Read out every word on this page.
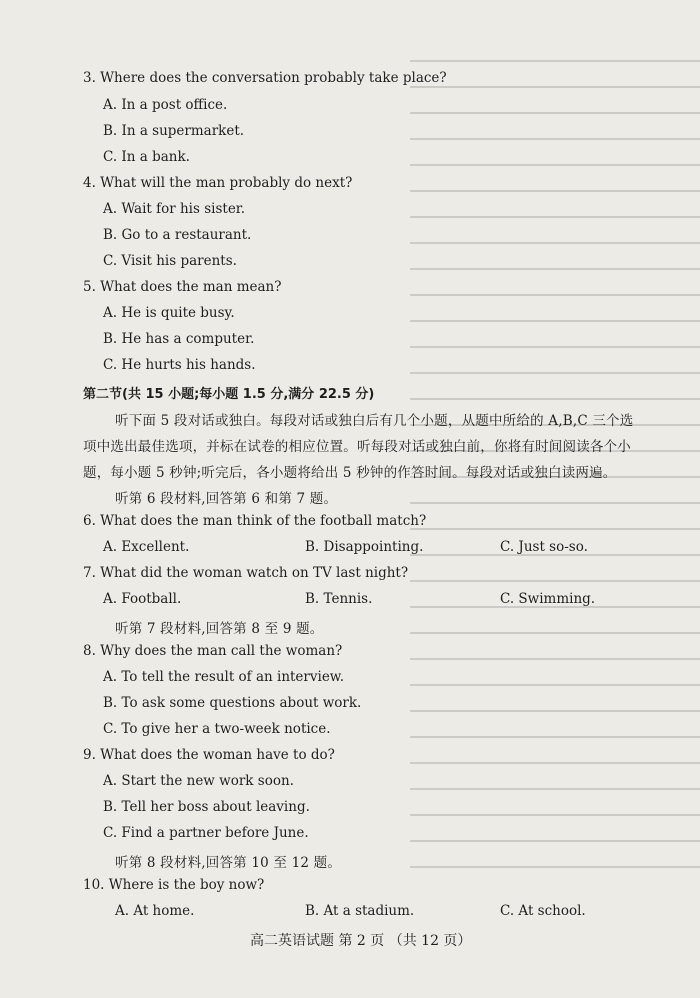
3. Where does the conversation probably take place?
A. In a post office.
B. In a supermarket.
C. In a bank.
4. What will the man probably do next?
A. Wait for his sister.
B. Go to a restaurant.
C. Visit his parents.
5. What does the man mean?
A. He is quite busy.
B. He has a computer.
C. He hurts his hands.
第二节(共 15 小题;每小题 1.5 分,满分 22.5 分)
听下面 5 段对话或独白。每段对话或独白后有几个小题，从题中所给的 A,B,C 三个选
项中选出最佳选项，并标在试卷的相应位置。听每段对话或独白前，你将有时间阅读各个小
题，每小题 5 秒钟;听完后，各小题将给出 5 秒钟的作答时间。每段对话或独白读两遍。
听第 6 段材料,回答第 6 和第 7 题。
6. What does the man think of the football match?
A. Excellent.	B. Disappointing.	C. Just so-so.
7. What did the woman watch on TV last night?
A. Football.	B. Tennis.	C. Swimming.
听第 7 段材料,回答第 8 至 9 题。
8. Why does the man call the woman?
A. To tell the result of an interview.
B. To ask some questions about work.
C. To give her a two-week notice.
9. What does the woman have to do?
A. Start the new work soon.
B. Tell her boss about leaving.
C. Find a partner before June.
听第 8 段材料,回答第 10 至 12 题。
10. Where is the boy now?
A. At home.	B. At a stadium.	C. At school.
高二英语试题 第 2 页 （共 12 页）
